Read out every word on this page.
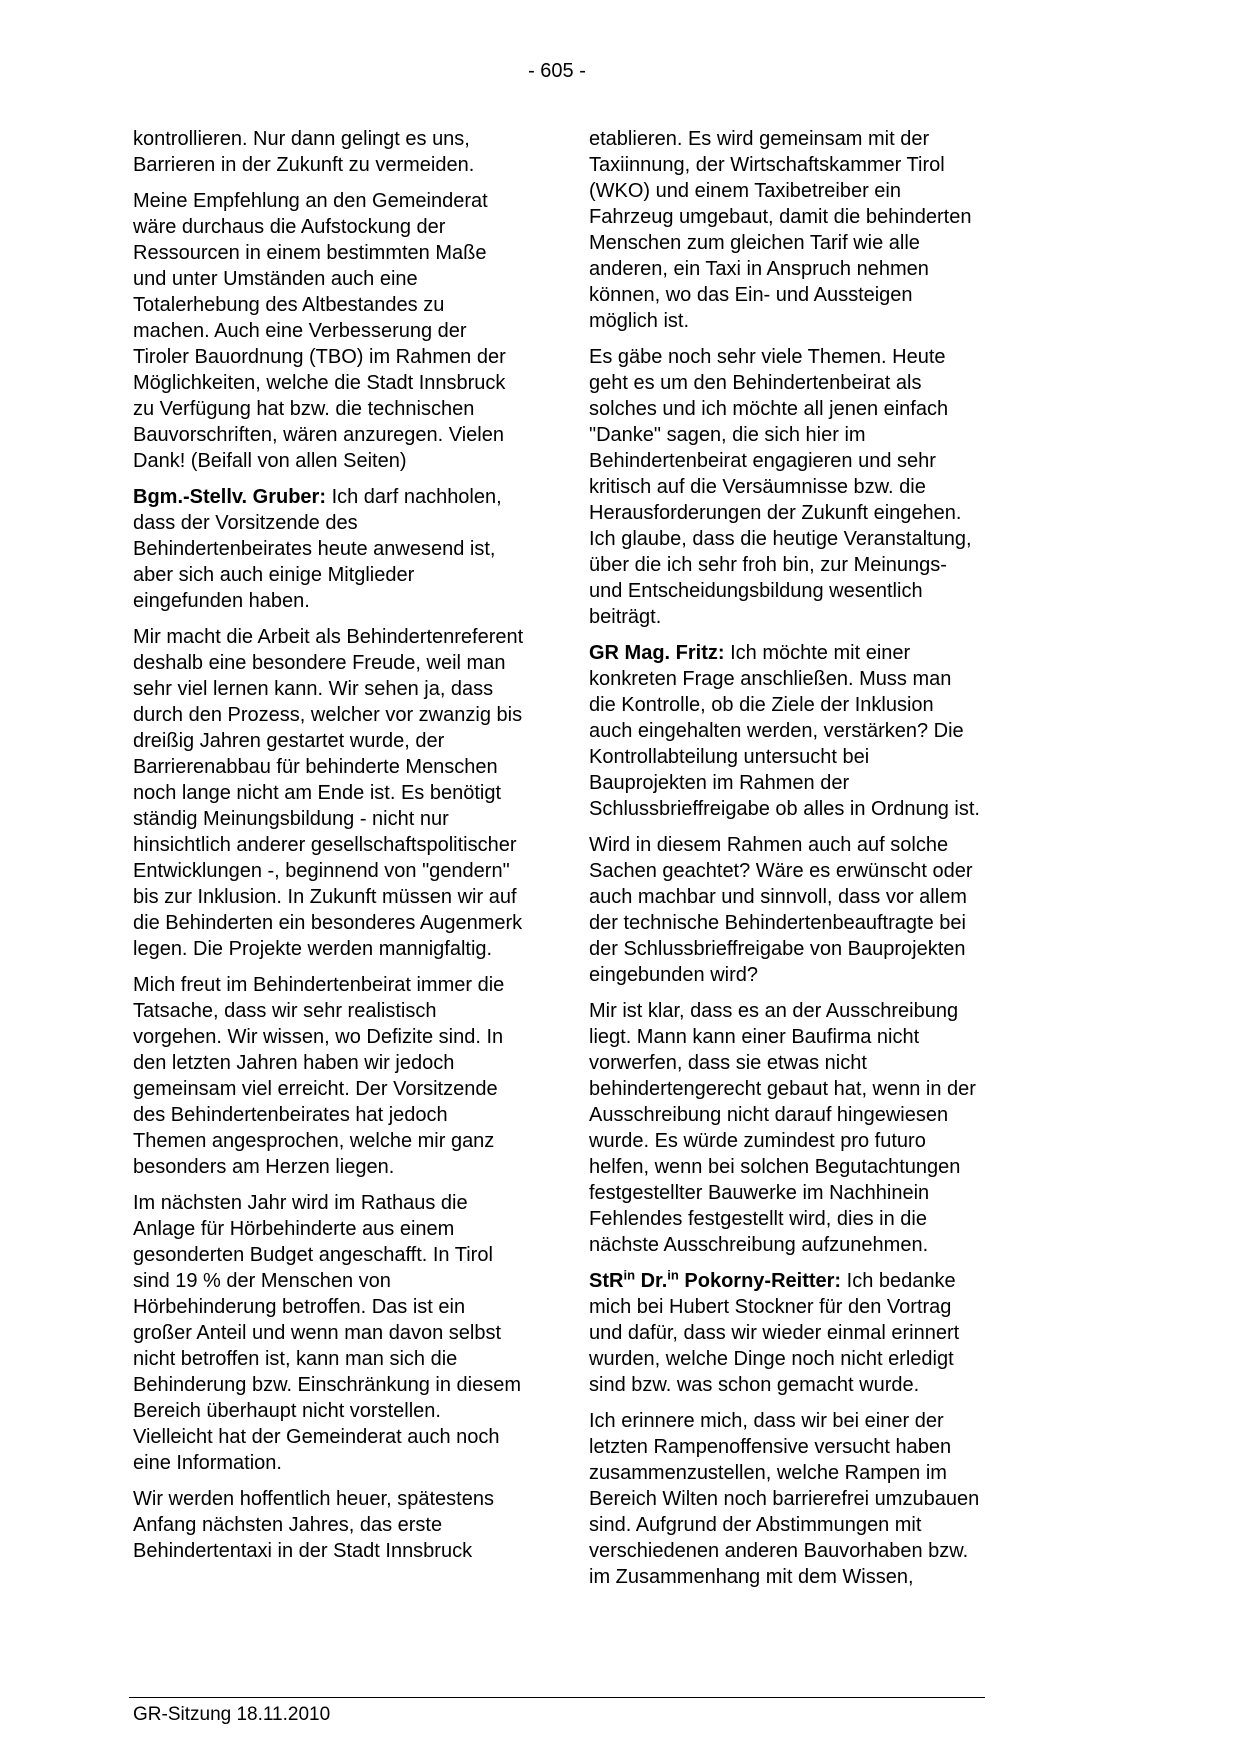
- 605 -

kontrollieren. Nur dann gelingt es uns, Barrieren in der Zukunft zu vermeiden.

Meine Empfehlung an den Gemeinderat wäre durchaus die Aufstockung der Ressourcen in einem bestimmten Maße und unter Umständen auch eine Totalerhebung des Altbestandes zu machen. Auch eine Verbesserung der Tiroler Bauordnung (TBO) im Rahmen der Möglichkeiten, welche die Stadt Innsbruck zu Verfügung hat bzw. die technischen Bauvorschriften, wären anzuregen. Vielen Dank! (Beifall von allen Seiten)

Bgm.-Stellv. Gruber: Ich darf nachholen, dass der Vorsitzende des Behindertenbeirates heute anwesend ist, aber sich auch einige Mitglieder eingefunden haben.

Mir macht die Arbeit als Behindertenreferent deshalb eine besondere Freude, weil man sehr viel lernen kann. Wir sehen ja, dass durch den Prozess, welcher vor zwanzig bis dreißig Jahren gestartet wurde, der Barrierenabbau für behinderte Menschen noch lange nicht am Ende ist. Es benötigt ständig Meinungsbildung - nicht nur hinsichtlich anderer gesellschaftspolitischer Entwicklungen -, beginnend von "gendern" bis zur Inklusion. In Zukunft müssen wir auf die Behinderten ein besonderes Augenmerk legen. Die Projekte werden mannigfaltig.

Mich freut im Behindertenbeirat immer die Tatsache, dass wir sehr realistisch vorgehen. Wir wissen, wo Defizite sind. In den letzten Jahren haben wir jedoch gemeinsam viel erreicht. Der Vorsitzende des Behindertenbeirates hat jedoch Themen angesprochen, welche mir ganz besonders am Herzen liegen.

Im nächsten Jahr wird im Rathaus die Anlage für Hörbehinderte aus einem gesonderten Budget angeschafft. In Tirol sind 19 % der Menschen von Hörbehinderung betroffen. Das ist ein großer Anteil und wenn man davon selbst nicht betroffen ist, kann man sich die Behinderung bzw. Einschränkung in diesem Bereich überhaupt nicht vorstellen. Vielleicht hat der Gemeinderat auch noch eine Information.

Wir werden hoffentlich heuer, spätestens Anfang nächsten Jahres, das erste Behindertentaxi in der Stadt Innsbruck

etablieren. Es wird gemeinsam mit der Taxiinnung, der Wirtschaftskammer Tirol (WKO) und einem Taxibetreiber ein Fahrzeug umgebaut, damit die behinderten Menschen zum gleichen Tarif wie alle anderen, ein Taxi in Anspruch nehmen können, wo das Ein- und Aussteigen möglich ist.

Es gäbe noch sehr viele Themen. Heute geht es um den Behindertenbeirat als solches und ich möchte all jenen einfach "Danke" sagen, die sich hier im Behindertenbeirat engagieren und sehr kritisch auf die Versäumnisse bzw. die Herausforderungen der Zukunft eingehen. Ich glaube, dass die heutige Veranstaltung, über die ich sehr froh bin, zur Meinungs- und Entscheidungsbildung wesentlich beiträgt.

GR Mag. Fritz: Ich möchte mit einer konkreten Frage anschließen. Muss man die Kontrolle, ob die Ziele der Inklusion auch eingehalten werden, verstärken? Die Kontrollabteilung untersucht bei Bauprojekten im Rahmen der Schlussbrieffreigabe ob alles in Ordnung ist.

Wird in diesem Rahmen auch auf solche Sachen geachtet? Wäre es erwünscht oder auch machbar und sinnvoll, dass vor allem der technische Behindertenbeauftragte bei der Schlussbrieffreigabe von Bauprojekten eingebunden wird?

Mir ist klar, dass es an der Ausschreibung liegt. Mann kann einer Baufirma nicht vorwerfen, dass sie etwas nicht behindertengerecht gebaut hat, wenn in der Ausschreibung nicht darauf hingewiesen wurde. Es würde zumindest pro futuro helfen, wenn bei solchen Begutachtungen festgestellter Bauwerke im Nachhinein Fehlendes festgestellt wird, dies in die nächste Ausschreibung aufzunehmen.

StR$^{in}$ Dr.$^{in}$ Pokorny-Reitter: Ich bedanke mich bei Hubert Stockner für den Vortrag und dafür, dass wir wieder einmal erinnert wurden, welche Dinge noch nicht erledigt sind bzw. was schon gemacht wurde.

Ich erinnere mich, dass wir bei einer der letzten Rampenoffensive versucht haben zusammenzustellen, welche Rampen im Bereich Wilten noch barrierefrei umzubauen sind. Aufgrund der Abstimmungen mit verschiedenen anderen Bauvorhaben bzw. im Zusammenhang mit dem Wissen,

GR-Sitzung 18.11.2010
